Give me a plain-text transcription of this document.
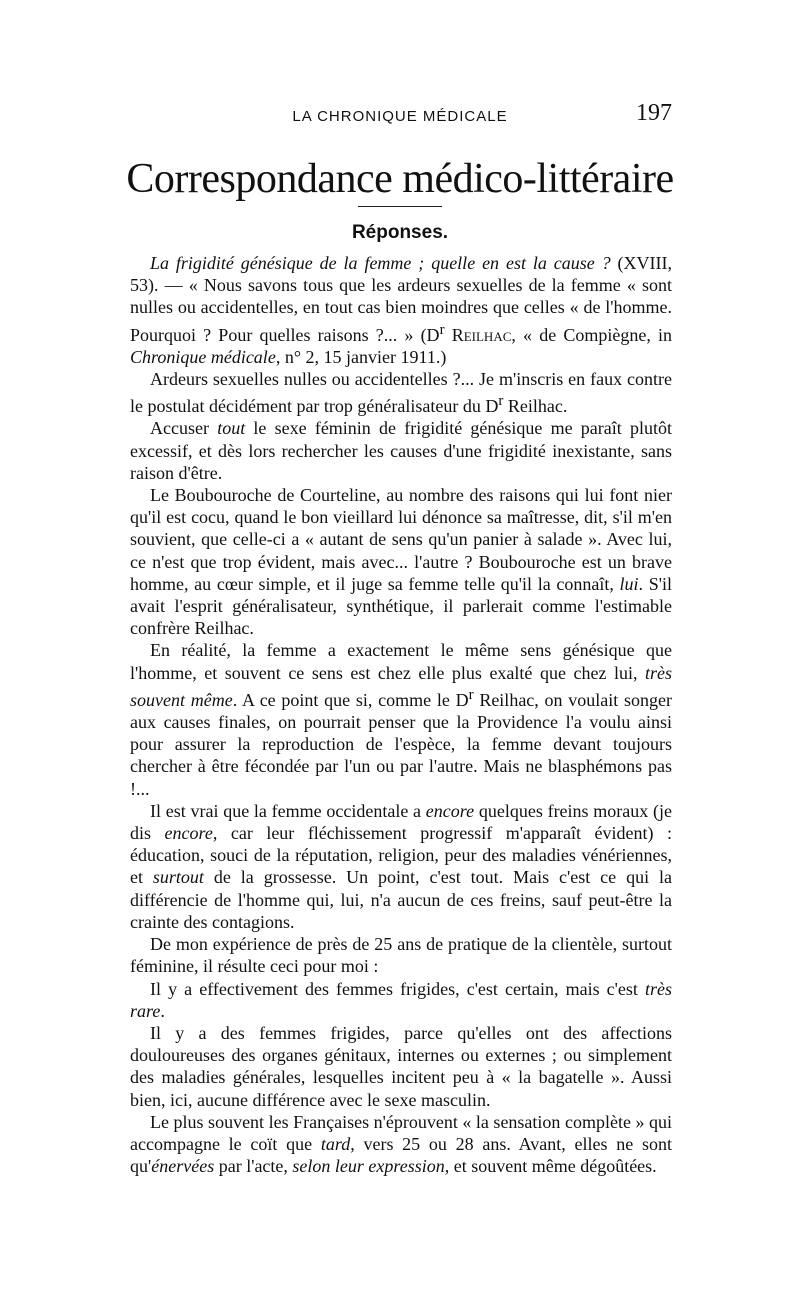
LA CHRONIQUE MÉDICALE	197
Correspondance médico-littéraire
Réponses.

La frigidité génésique de la femme ; quelle en est la cause ? (XVIII, 53). — « Nous savons tous que les ardeurs sexuelles de la femme « sont nulles ou accidentelles, en tout cas bien moindres que celles « de l'homme. Pourquoi ? Pour quelles raisons ?... » ($D^r$ Reilhac, « de Compiègne, in Chronique médicale, n° 2, 15 janvier 1911.)

Ardeurs sexuelles nulles ou accidentelles ?... Je m'inscris en faux contre le postulat décidément par trop généralisateur du $D^r$ Reilhac.

Accuser tout le sexe féminin de frigidité génésique me paraît plutôt excessif, et dès lors rechercher les causes d'une frigidité inexistante, sans raison d'être.

Le Boubouroche de Courteline, au nombre des raisons qui lui font nier qu'il est cocu, quand le bon vieillard lui dénonce sa maîtresse, dit, s'il m'en souvient, que celle-ci a « autant de sens qu'un panier à salade ». Avec lui, ce n'est que trop évident, mais avec... l'autre ? Boubouroche est un brave homme, au cœur simple, et il juge sa femme telle qu'il la connaît, lui. S'il avait l'esprit généralisateur, synthétique, il parlerait comme l'estimable confrère Reilhac.

En réalité, la femme a exactement le même sens génésique que l'homme, et souvent ce sens est chez elle plus exalté que chez lui, très souvent même. A ce point que si, comme le $D^r$ Reilhac, on voulait songer aux causes finales, on pourrait penser que la Providence l'a voulu ainsi pour assurer la reproduction de l'espèce, la femme devant toujours chercher à être fécondée par l'un ou par l'autre. Mais ne blasphémons pas !...

Il est vrai que la femme occidentale a encore quelques freins moraux (je dis encore, car leur fléchissement progressif m'apparaît évident) : éducation, souci de la réputation, religion, peur des maladies vénériennes, et surtout de la grossesse. Un point, c'est tout. Mais c'est ce qui la différencie de l'homme qui, lui, n'a aucun de ces freins, sauf peut-être la crainte des contagions.

De mon expérience de près de 25 ans de pratique de la clientèle, surtout féminine, il résulte ceci pour moi :

Il y a effectivement des femmes frigides, c'est certain, mais c'est très rare.

Il y a des femmes frigides, parce qu'elles ont des affections douloureuses des organes génitaux, internes ou externes ; ou simplement des maladies générales, lesquelles incitent peu à « la bagatelle ». Aussi bien, ici, aucune différence avec le sexe masculin.

Le plus souvent les Françaises n'éprouvent « la sensation complète » qui accompagne le coït que tard, vers 25 ou 28 ans. Avant, elles ne sont qu'énervées par l'acte, selon leur expression, et souvent même dégoûtées.
